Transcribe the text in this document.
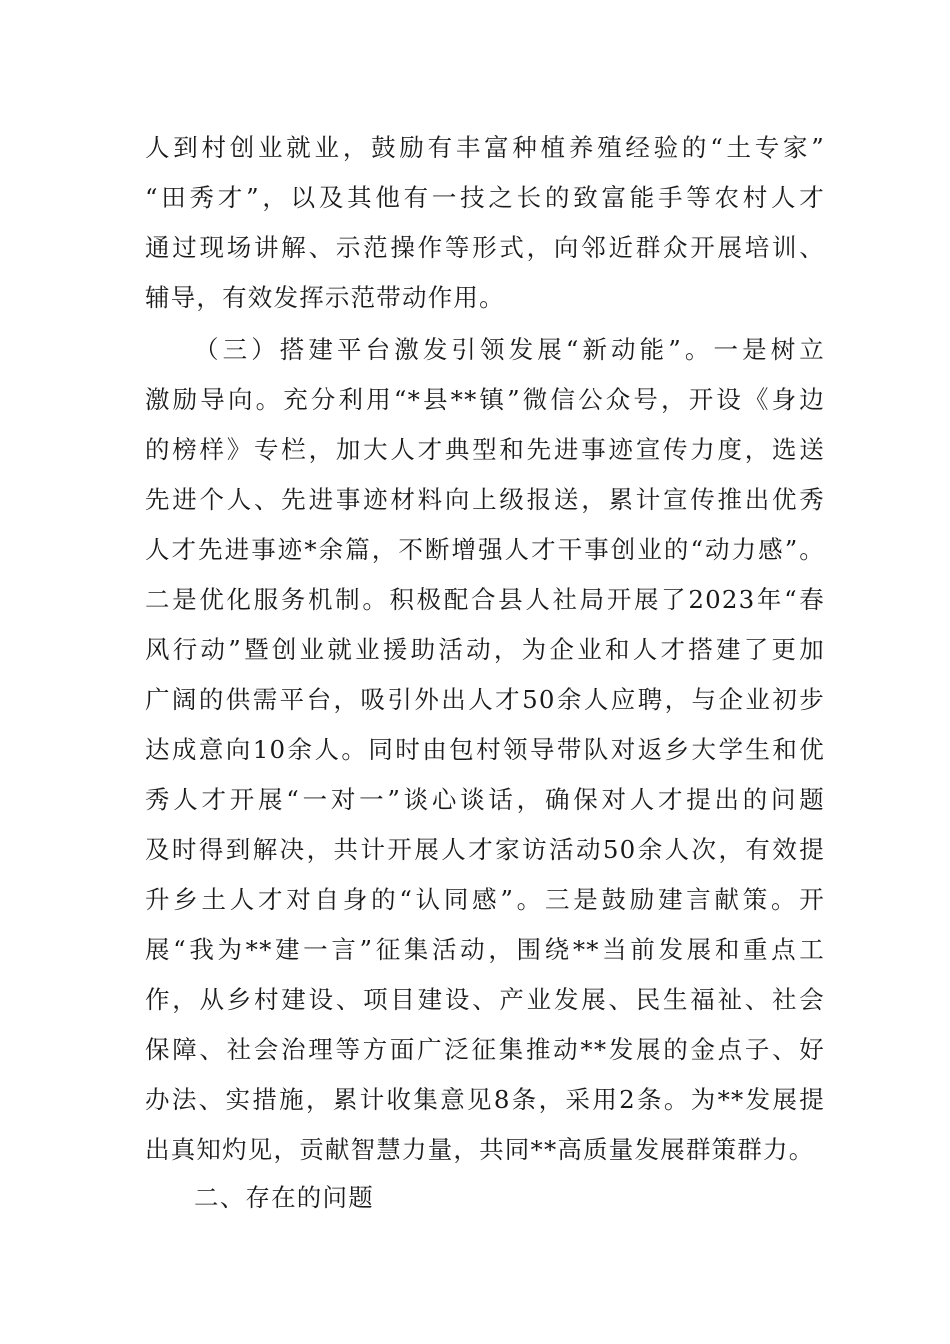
人到村创业就业，鼓励有丰富种植养殖经验的“土专家”
“田秀才”，以及其他有一技之长的致富能手等农村人才
通过现场讲解、示范操作等形式，向邻近群众开展培训、
辅导，有效发挥示范带动作用。
（三）搭建平台激发引领发展“新动能”。一是树立
激励导向。充分利用“*县**镇”微信公众号，开设《身边
的榜样》专栏，加大人才典型和先进事迹宣传力度，选送
先进个人、先进事迹材料向上级报送，累计宣传推出优秀
人才先进事迹*余篇，不断增强人才干事创业的“动力感”。
二是优化服务机制。积极配合县人社局开展了2023年“春
风行动”暨创业就业援助活动，为企业和人才搭建了更加
广阔的供需平台，吸引外出人才50余人应聘，与企业初步
达成意向10余人。同时由包村领导带队对返乡大学生和优
秀人才开展“一对一”谈心谈话，确保对人才提出的问题
及时得到解决，共计开展人才家访活动50余人次，有效提
升乡土人才对自身的“认同感”。三是鼓励建言献策。开
展“我为**建一言”征集活动，围绕**当前发展和重点工
作，从乡村建设、项目建设、产业发展、民生福祉、社会
保障、社会治理等方面广泛征集推动**发展的金点子、好
办法、实措施，累计收集意见8条，采用2条。为**发展提
出真知灼见，贡献智慧力量，共同**高质量发展群策群力。
二、存在的问题
